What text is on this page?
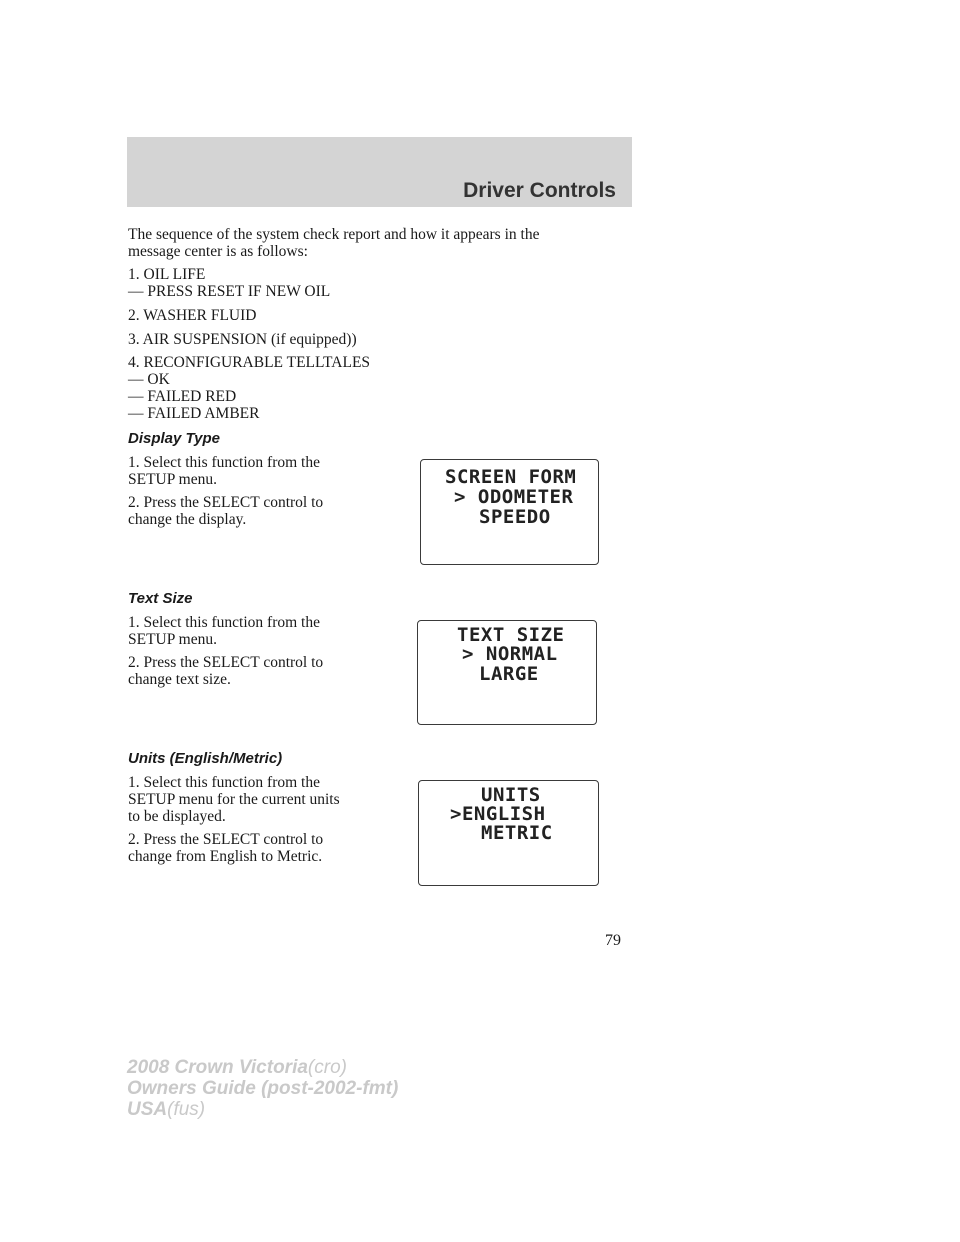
Driver Controls

The sequence of the system check report and how it appears in the

message center is as follows:

1. OIL LIFE

— PRESS RESET IF NEW OIL

2. WASHER FLUID

3. AIR SUSPENSION (if equipped))

4. RECONFIGURABLE TELLTALES

— OK

— FAILED RED

— FAILED AMBER

Display Type

1. Select this function from the

SETUP menu.

2. Press the SELECT control to

change the display.

SCREEN FORM
> ODOMETER
SPEEDO
Text Size

1. Select this function from the

SETUP menu.

2. Press the SELECT control to

change text size.

TEXT SIZE
> NORMAL
LARGE
Units (English/Metric)

1. Select this function from the

SETUP menu for the current units

to be displayed.

2. Press the SELECT control to

change from English to Metric.

UNITS
>ENGLISH
METRIC
79
2008 Crown Victoria(cro)
Owners Guide (post-2002-fmt)
USA(fus)
